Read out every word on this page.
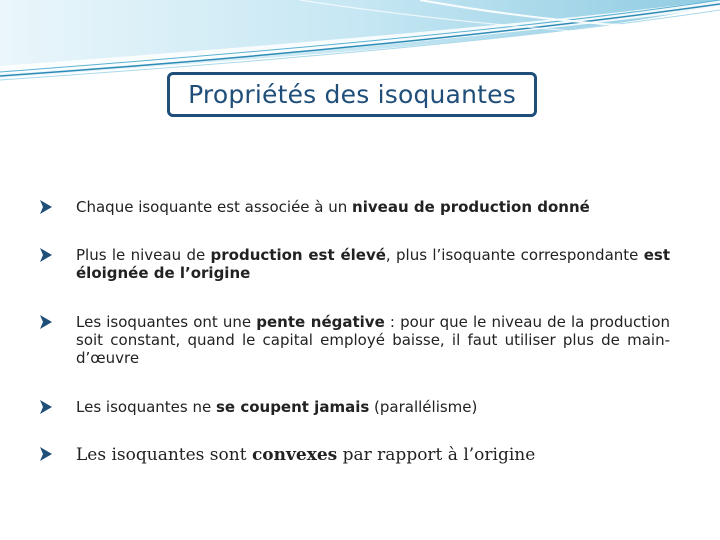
Propriétés des isoquantes
Chaque isoquante est associée à un niveau de production donné
Plus le niveau de production est élevé, plus l’isoquante correspondante est éloignée de l’origine
Les isoquantes ont une pente négative : pour que le niveau de la production soit constant, quand le capital employé baisse, il faut utiliser plus de main-d’œuvre
Les isoquantes ne se coupent jamais (parallélisme)
Les isoquantes sont convexes par rapport à l’origine
